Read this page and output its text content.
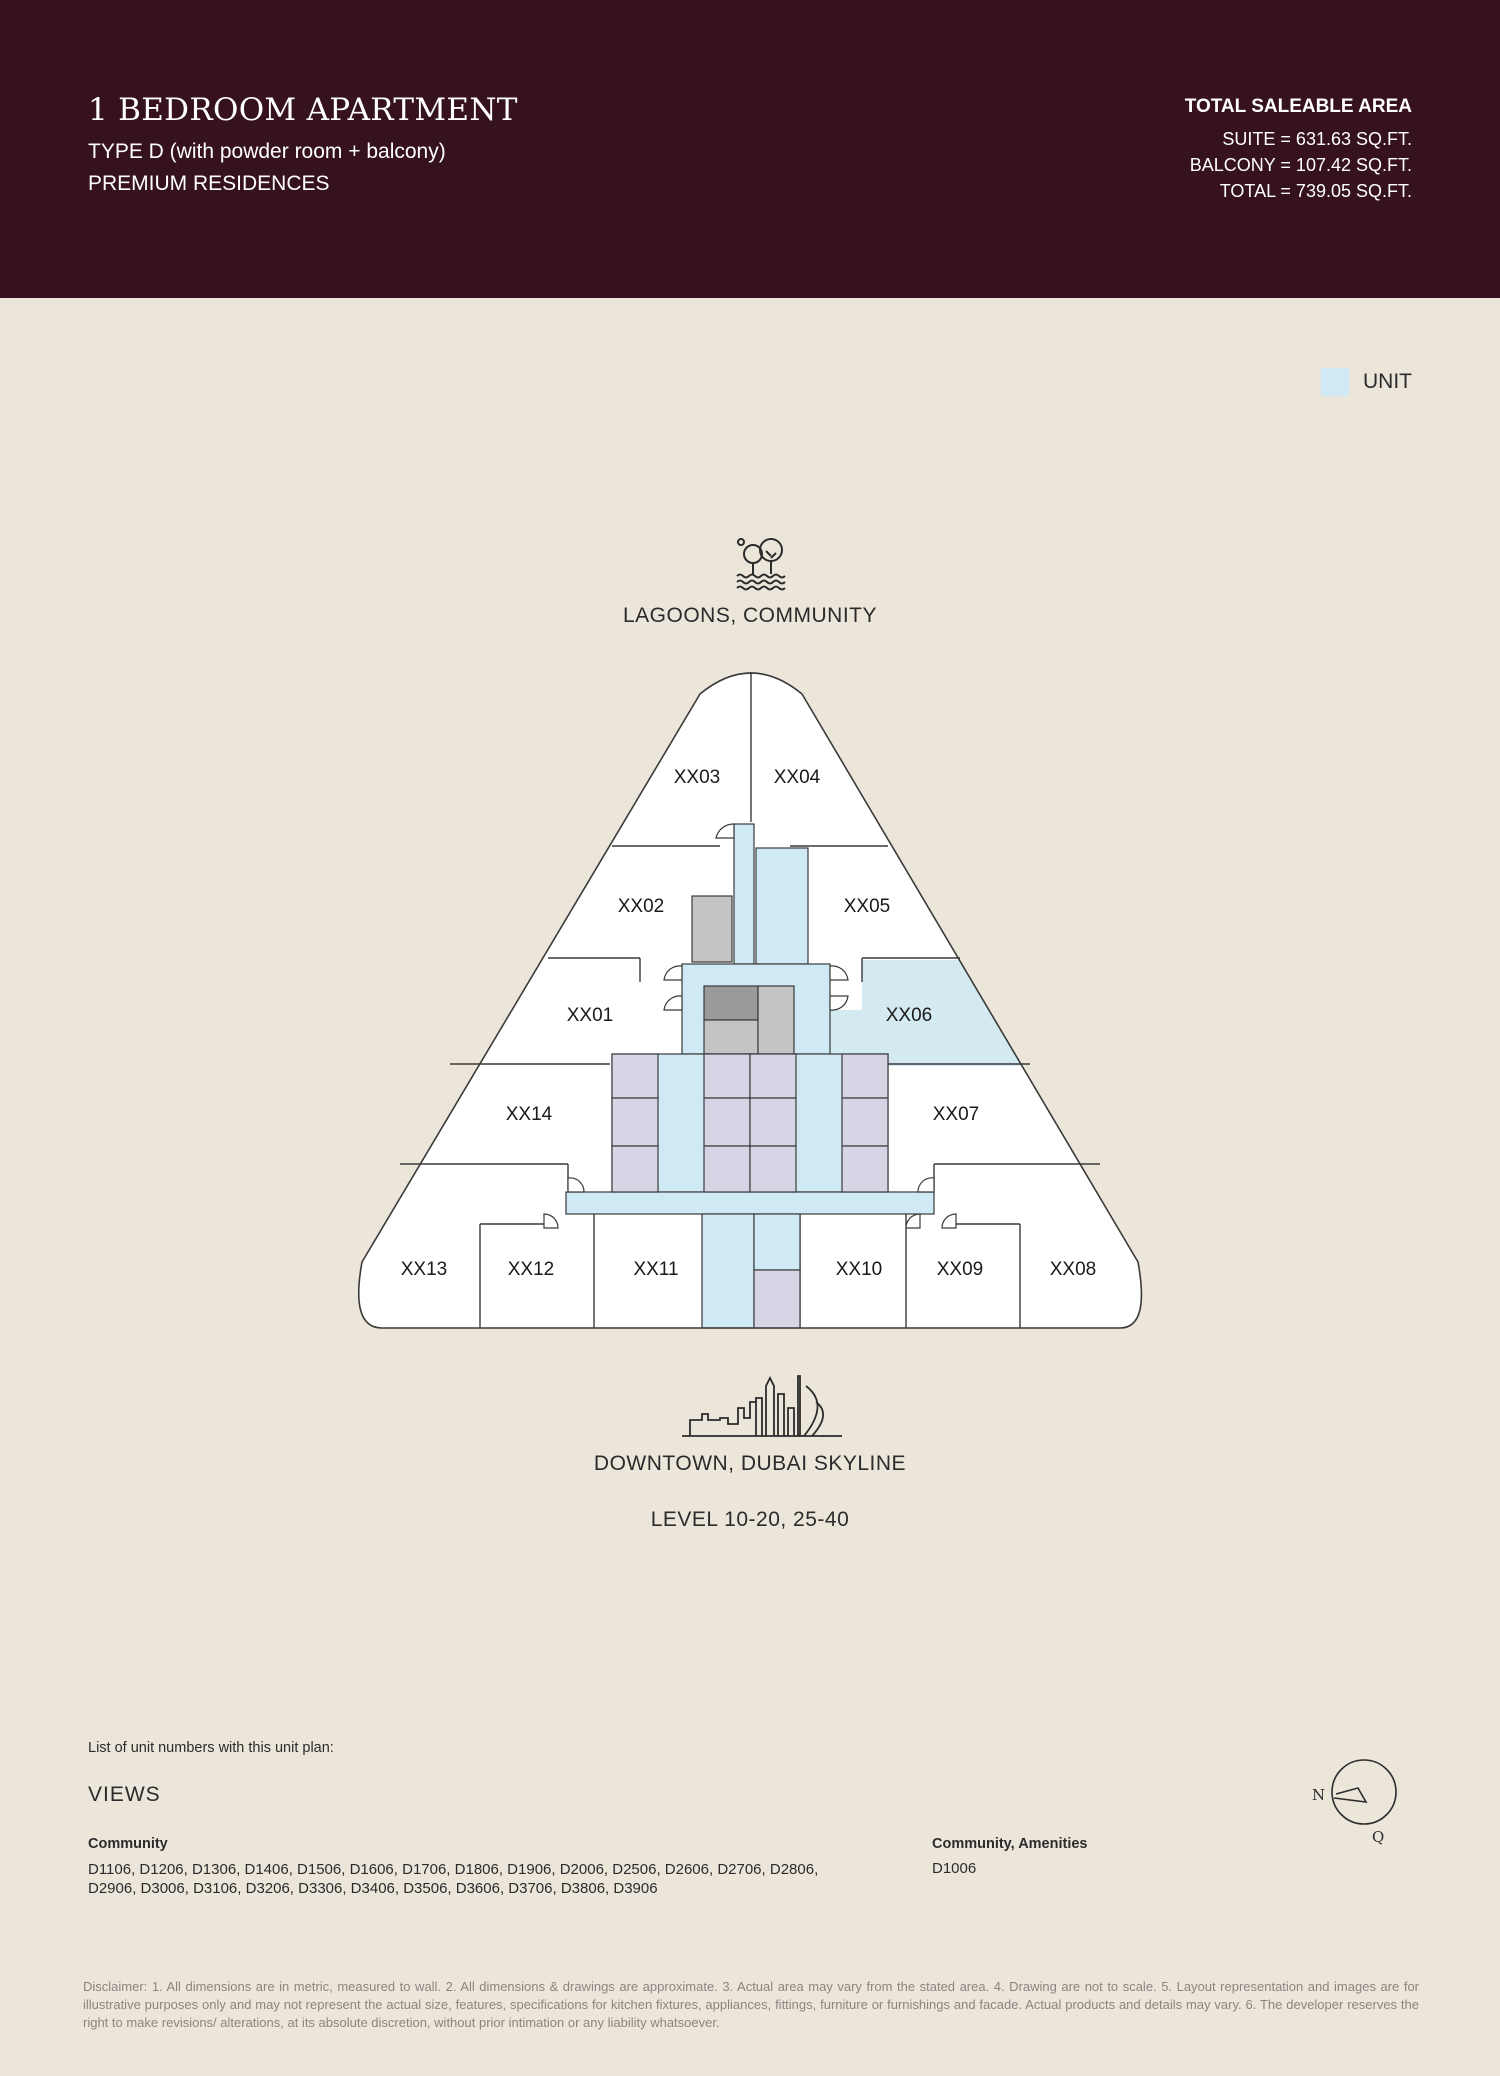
1 BEDROOM APARTMENT
TYPE D (with powder room + balcony)
PREMIUM RESIDENCES
TOTAL SALEABLE AREA
SUITE = 631.63 SQ.FT.
BALCONY = 107.42 SQ.FT.
TOTAL = 739.05 SQ.FT.
UNIT
LAGOONS, COMMUNITY
XX03	XX04
XX02	XX05
XX01	XX06
XX14	XX07
XX13	XX12	XX11	XX10	XX09	XX08
DOWNTOWN, DUBAI SKYLINE
LEVEL 10-20, 25-40
List of unit numbers with this unit plan:
VIEWS
Community
D1106, D1206, D1306, D1406, D1506, D1606, D1706, D1806, D1906, D2006, D2506, D2606, D2706, D2806, D2906, D3006, D3106, D3206, D3306, D3406, D3506, D3606, D3706, D3806, D3906
Community, Amenities
D1006
N
Q
Disclaimer: 1. All dimensions are in metric, measured to wall. 2. All dimensions & drawings are approximate. 3. Actual area may vary from the stated area. 4. Drawing are not to scale. 5. Layout representation and images are for illustrative purposes only and may not represent the actual size, features, specifications for kitchen fixtures, appliances, fittings, furniture or furnishings and facade. Actual products and details may vary. 6. The developer reserves the right to make revisions/ alterations, at its absolute discretion, without prior intimation or any liability whatsoever.
